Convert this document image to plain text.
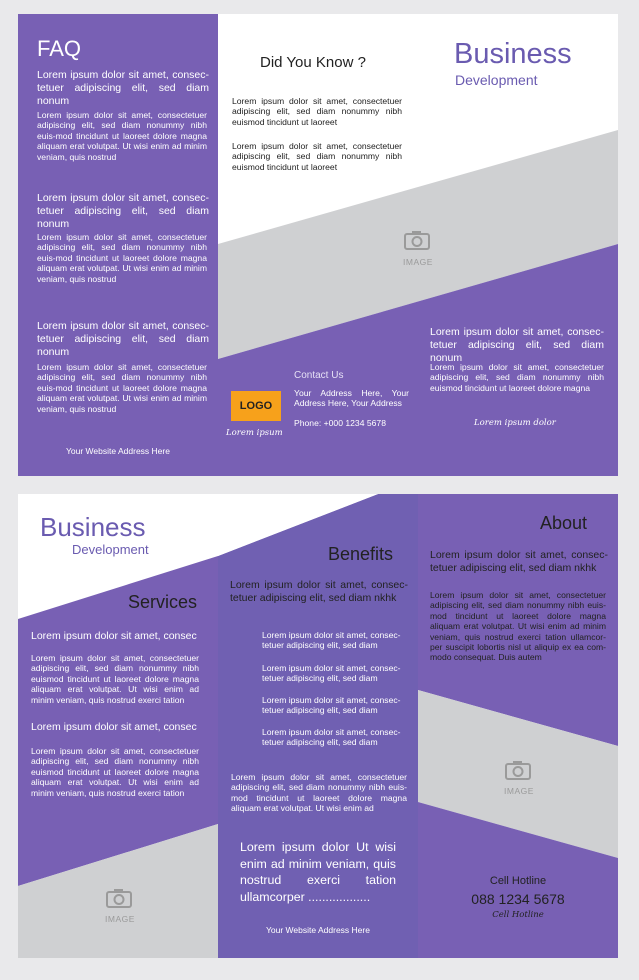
FAQ
Lorem ipsum dolor sit amet, consec-tetuer adipiscing elit, sed diam nonum
Lorem ipsum dolor sit amet, consectetuer adipiscing elit, sed diam nonummy nibh euis-mod tincidunt ut laoreet dolore magna aliquam erat volutpat. Ut wisi enim ad minim veniam, quis nostrud
Lorem ipsum dolor sit amet, consec-tetuer adipiscing elit, sed diam nonum
Lorem ipsum dolor sit amet, consectetuer adipiscing elit, sed diam nonummy nibh euis-mod tincidunt ut laoreet dolore magna aliquam erat volutpat. Ut wisi enim ad minim veniam, quis nostrud
Lorem ipsum dolor sit amet, consec-tetuer adipiscing elit, sed diam nonum
Lorem ipsum dolor sit amet, consectetuer adipiscing elit, sed diam nonummy nibh euis-mod tincidunt ut laoreet dolore magna aliquam erat volutpat. Ut wisi enim ad minim veniam, quis nostrud
Your Website Address Here
Did You Know ?
Lorem ipsum dolor sit amet, consectetuer adipiscing elit, sed diam nonummy nibh euismod tincidunt ut laoreet
Lorem ipsum dolor sit amet, consectetuer adipiscing elit, sed diam nonummy nibh euismod tincidunt ut laoreet
IMAGE
Contact Us
Your Address Here, Your Address Here, Your Address
Phone: +000 1234 5678
LOGO
Lorem ipsum
Business
Development
Lorem ipsum dolor sit amet, consec-tetuer adipiscing elit, sed diam nonum
Lorem ipsum dolor sit amet, consectetuer adipiscing elit, sed diam nonummy nibh euismod tincidunt ut laoreet dolore magna
Lorem ipsum dolor
Business
Development
Services
Lorem ipsum dolor sit amet, consec
Lorem ipsum dolor sit amet, consectetuer adipiscing elit, sed diam nonummy nibh euismod tincidunt ut laoreet dolore magna aliquam erat volutpat. Ut wisi enim ad minim veniam, quis nostrud exerci tation
Lorem ipsum dolor sit amet, consec
Lorem ipsum dolor sit amet, consectetuer adipiscing elit, sed diam nonummy nibh euismod tincidunt ut laoreet dolore magna aliquam erat volutpat. Ut wisi enim ad minim veniam, quis nostrud exerci tation
IMAGE
Benefits
Lorem ipsum dolor sit amet, consec-tetuer adipiscing elit, sed diam nkhk
Lorem ipsum dolor sit amet, consec-tetuer adipiscing elit, sed diam
Lorem ipsum dolor sit amet, consec-tetuer adipiscing elit, sed diam
Lorem ipsum dolor sit amet, consec-tetuer adipiscing elit, sed diam
Lorem ipsum dolor sit amet, consec-tetuer adipiscing elit, sed diam
Lorem ipsum dolor sit amet, consectetuer adipiscing elit, sed diam nonummy nibh euis-mod tincidunt ut laoreet dolore magna aliquam erat volutpat. Ut wisi enim ad
Lorem ipsum dolor Ut wisi enim ad minim veniam, quis nostrud exerci tation ullamcorper ..................
Your Website Address Here
About
Lorem ipsum dolor sit amet, consec-tetuer adipiscing elit, sed diam nkhk
Lorem ipsum dolor sit amet, consectetuer adipiscing elit, sed diam nonummy nibh euis-mod tincidunt ut laoreet dolore magna aliquam erat volutpat. Ut wisi enim ad minim veniam, quis nostrud exerci tation ullamcor-per suscipit lobortis nisl ut aliquip ex ea com-modo consequat. Duis autem
IMAGE
Cell Hotline
088 1234 5678
Cell Hotline
